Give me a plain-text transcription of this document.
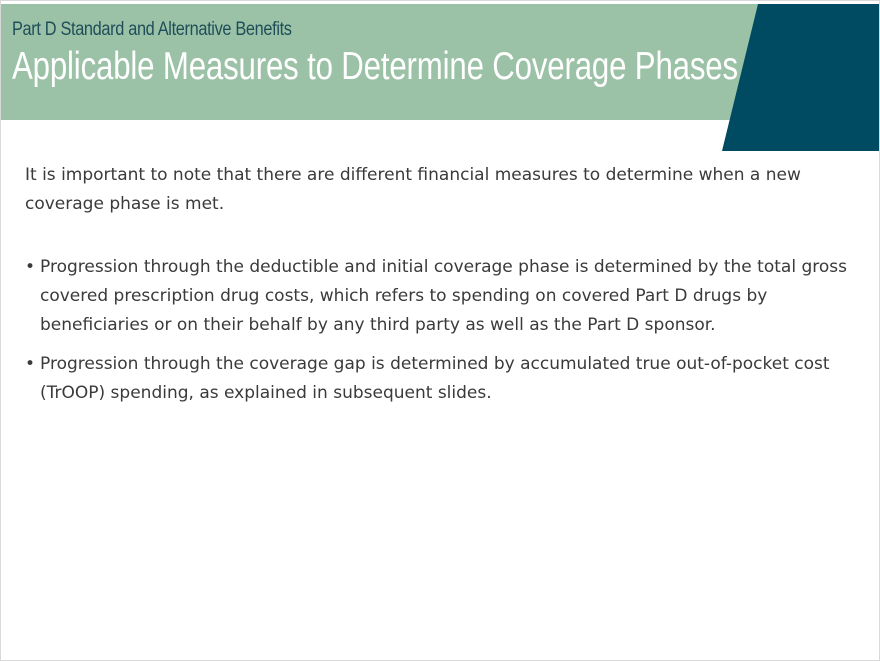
Part D Standard and Alternative Benefits
Applicable Measures to Determine Coverage Phases

It is important to note that there are different financial measures to determine when a new coverage phase is met.

• Progression through the deductible and initial coverage phase is determined by the total gross covered prescription drug costs, which refers to spending on covered Part D drugs by beneficiaries or on their behalf by any third party as well as the Part D sponsor.
• Progression through the coverage gap is determined by accumulated true out-of-pocket cost (TrOOP) spending, as explained in subsequent slides.
